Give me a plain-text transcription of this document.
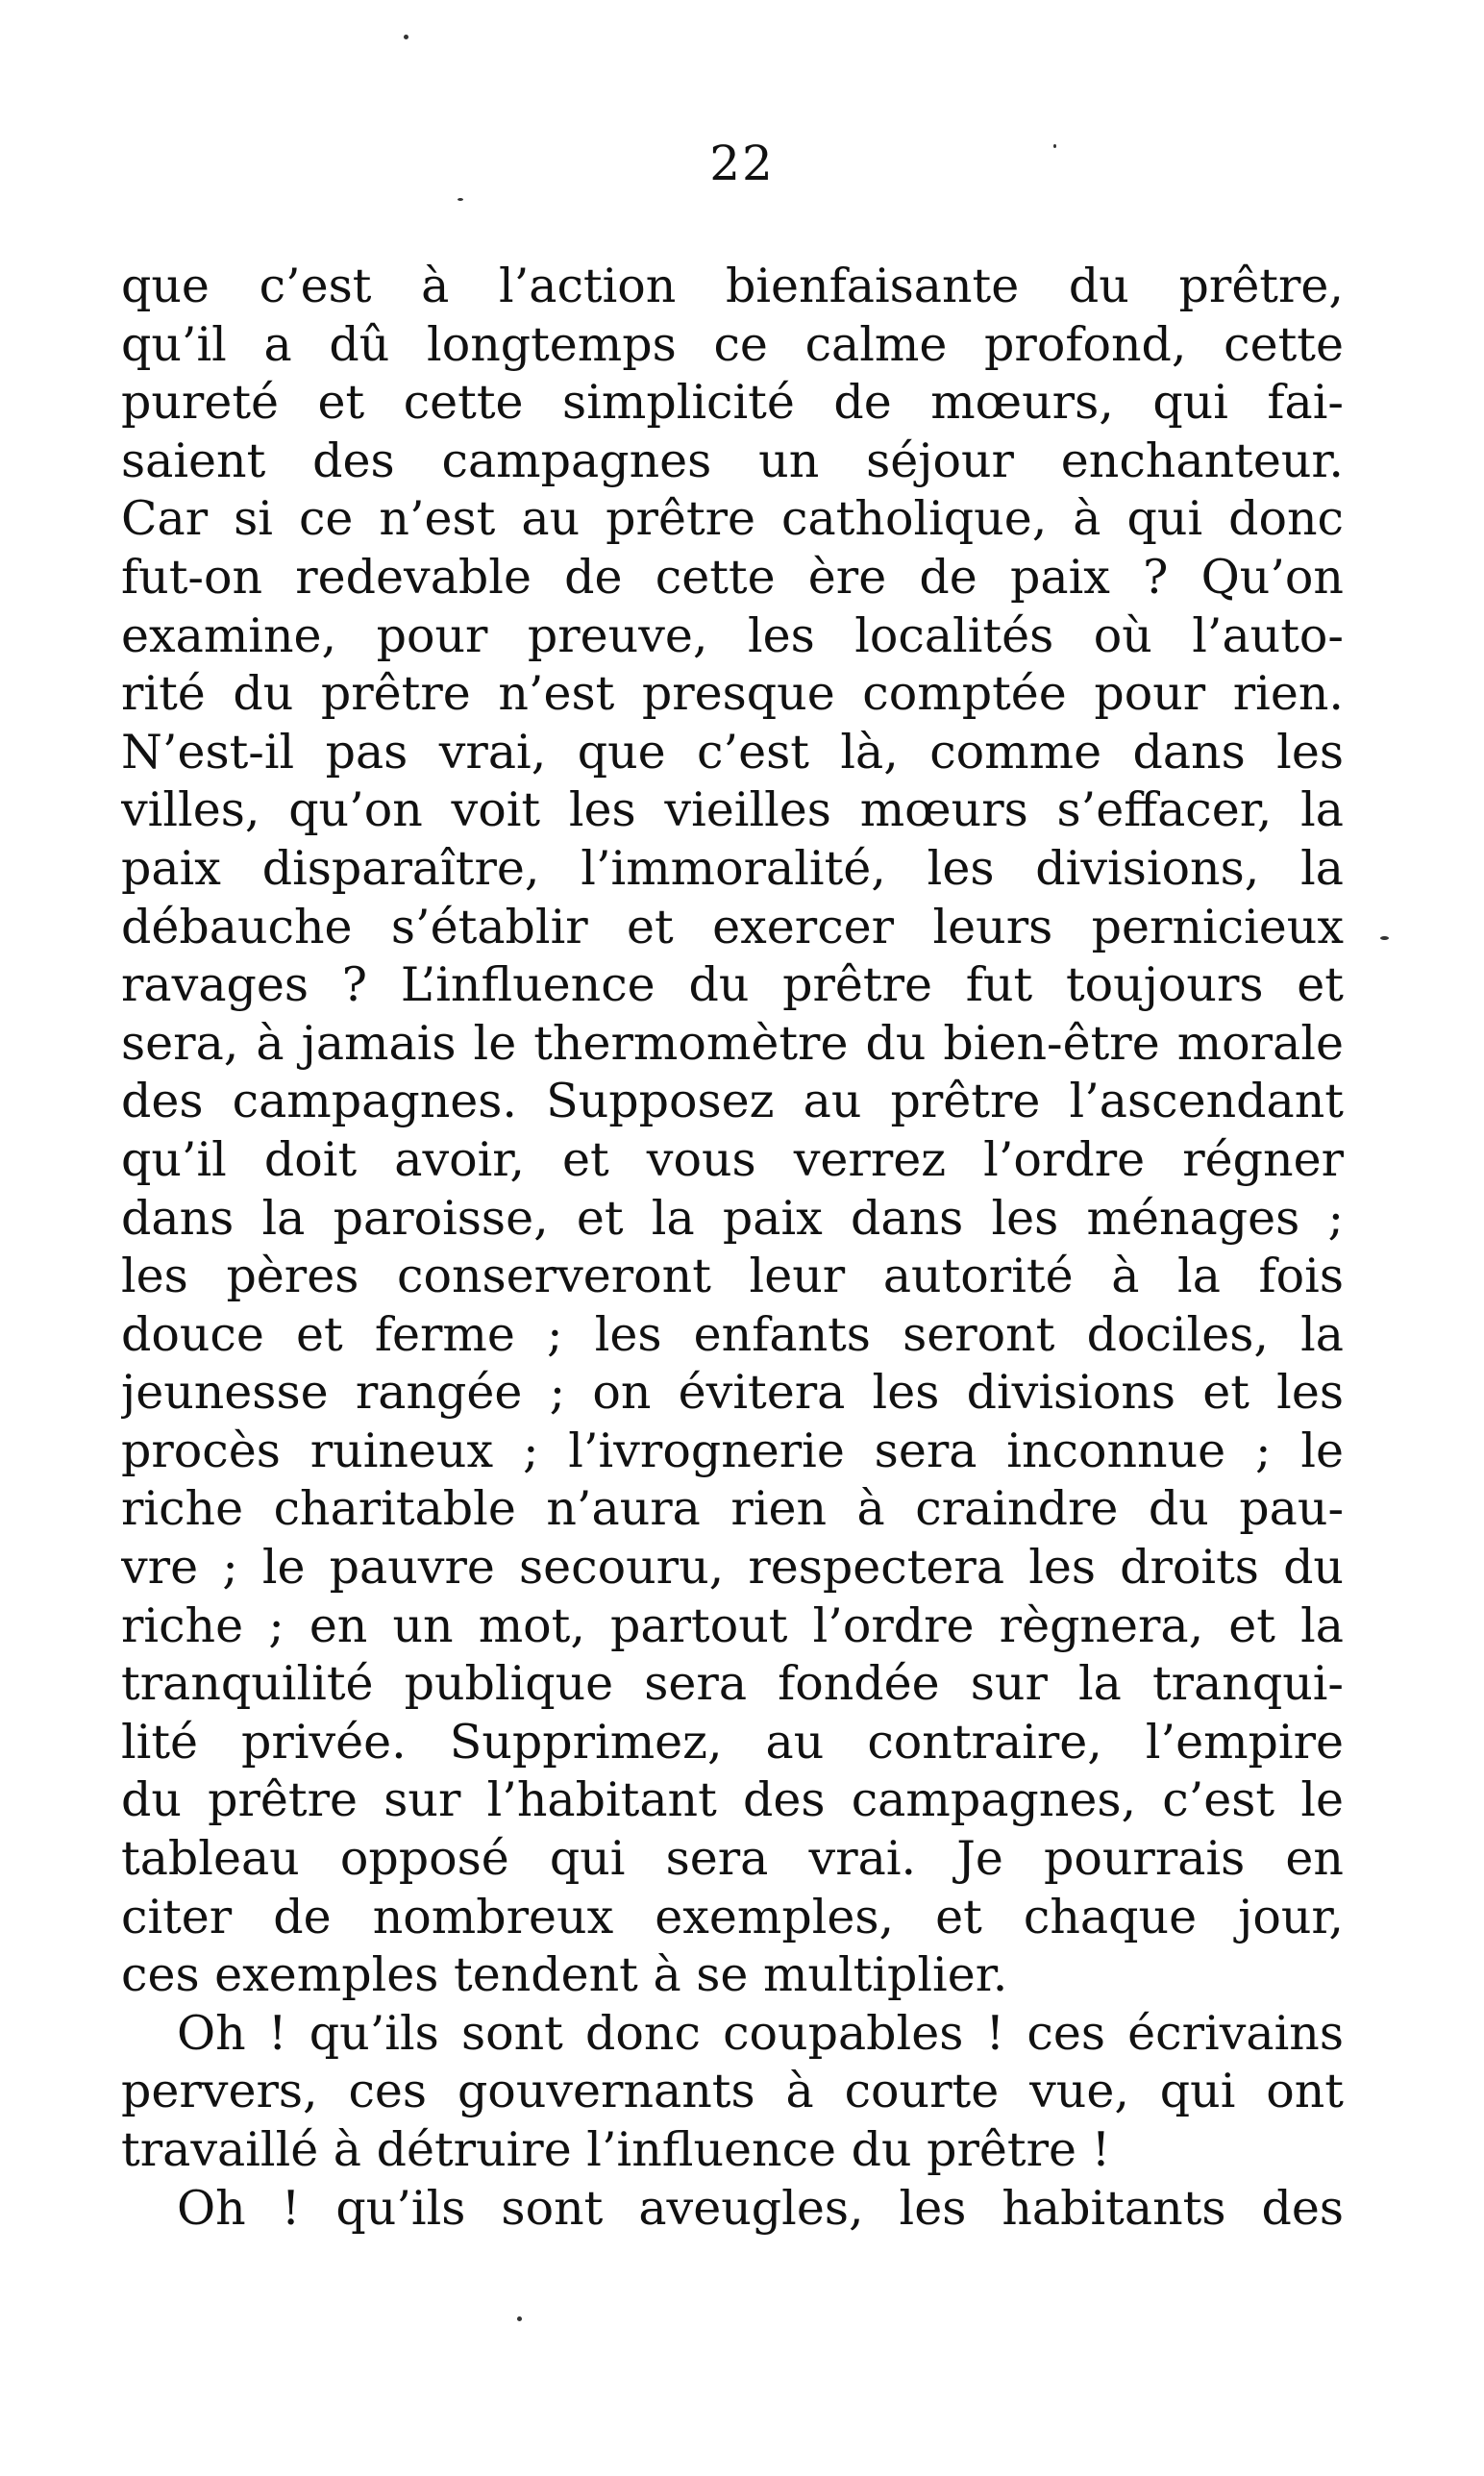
22
que c’est à l’action bienfaisante du prêtre,
qu’il a dû longtemps ce calme profond, cette
pureté et cette simplicité de mœurs, qui fai-
saient des campagnes un séjour enchanteur.
Car si ce n’est au prêtre catholique, à qui donc
fut-on redevable de cette ère de paix ? Qu’on
examine, pour preuve, les localités où l’auto-
rité du prêtre n’est presque comptée pour rien.
N’est-il pas vrai, que c’est là, comme dans les
villes, qu’on voit les vieilles mœurs s’effacer, la
paix disparaître, l’immoralité, les divisions, la
débauche s’établir et exercer leurs pernicieux
ravages ? L’influence du prêtre fut toujours et
sera, à jamais le thermomètre du bien-être morale
des campagnes. Supposez au prêtre l’ascendant
qu’il doit avoir, et vous verrez l’ordre régner
dans la paroisse, et la paix dans les ménages ;
les pères conserveront leur autorité à la fois
douce et ferme ; les enfants seront dociles, la
jeunesse rangée ; on évitera les divisions et les
procès ruineux ; l’ivrognerie sera inconnue ; le
riche charitable n’aura rien à craindre du pau-
vre ; le pauvre secouru, respectera les droits du
riche ; en un mot, partout l’ordre règnera, et la
tranquilité publique sera fondée sur la tranqui-
lité privée. Supprimez, au contraire, l’empire
du prêtre sur l’habitant des campagnes, c’est le
tableau opposé qui sera vrai. Je pourrais en
citer de nombreux exemples, et chaque jour,
ces exemples tendent à se multiplier.
Oh ! qu’ils sont donc coupables ! ces écrivains
pervers, ces gouvernants à courte vue, qui ont
travaillé à détruire l’influence du prêtre !
Oh ! qu’ils sont aveugles, les habitants des
